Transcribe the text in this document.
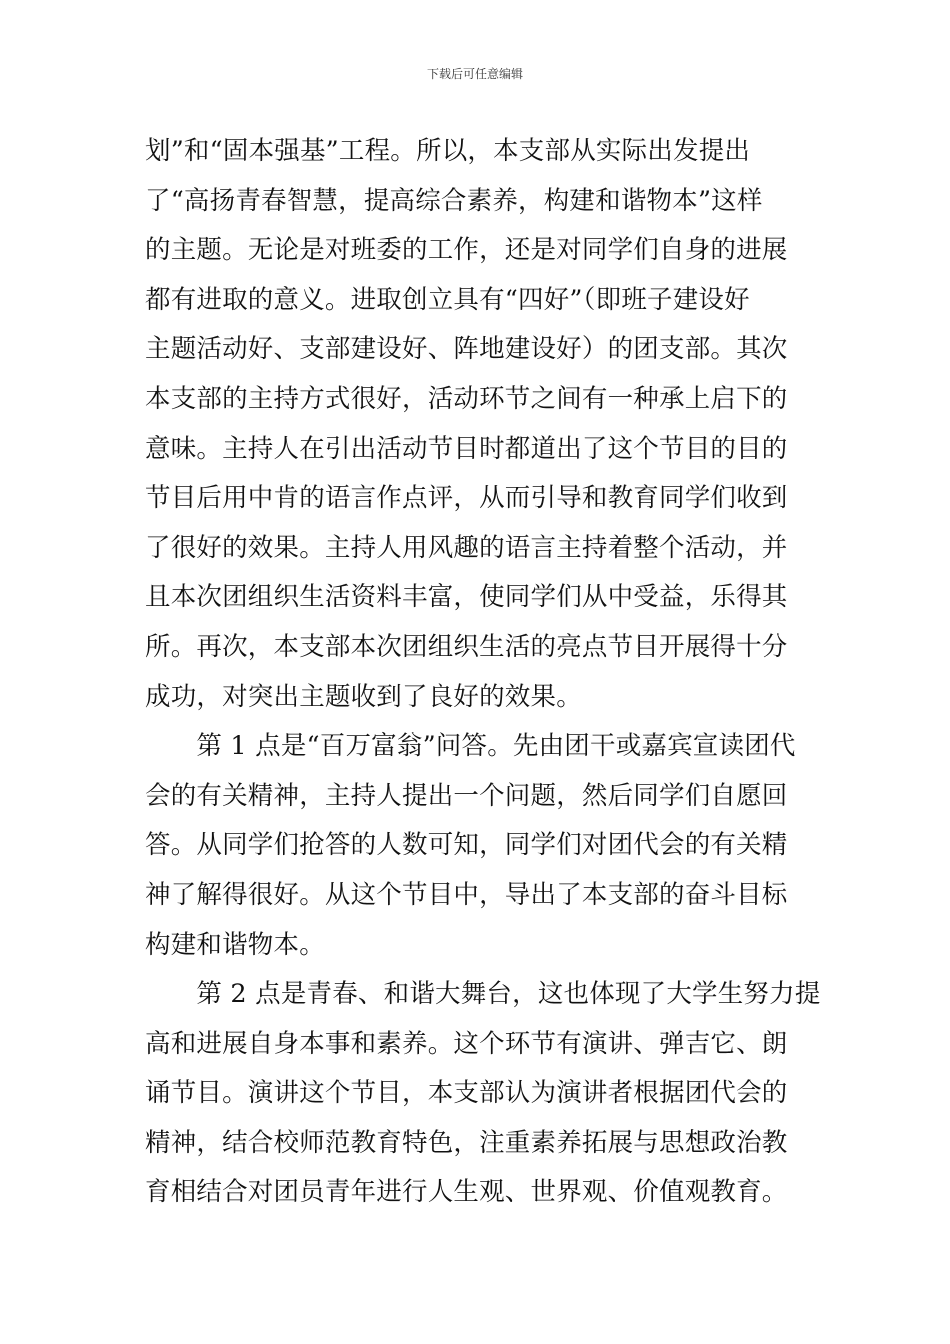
下载后可任意编辑
划”和“固本强基”工程。所以，本支部从实际出发提出
了“高扬青春智慧，提高综合素养，构建和谐物本”这样
的主题。无论是对班委的工作，还是对同学们自身的进展
都有进取的意义。进取创立具有“四好”（即班子建设好
主题活动好、支部建设好、阵地建设好）的团支部。其次
本支部的主持方式很好，活动环节之间有一种承上启下的
意味。主持人在引出活动节目时都道出了这个节目的目的
节目后用中肯的语言作点评，从而引导和教育同学们收到
了很好的效果。主持人用风趣的语言主持着整个活动，并
且本次团组织生活资料丰富，使同学们从中受益，乐得其
所。再次，本支部本次团组织生活的亮点节目开展得十分
成功，对突出主题收到了良好的效果。
　　第 1 点是“百万富翁”问答。先由团干或嘉宾宣读团代
会的有关精神，主持人提出一个问题，然后同学们自愿回
答。从同学们抢答的人数可知，同学们对团代会的有关精
神了解得很好。从这个节目中，导出了本支部的奋斗目标
构建和谐物本。
　　第 2 点是青春、和谐大舞台，这也体现了大学生努力提
高和进展自身本事和素养。这个环节有演讲、弹吉它、朗
诵节目。演讲这个节目，本支部认为演讲者根据团代会的
精神，结合校师范教育特色，注重素养拓展与思想政治教
育相结合对团员青年进行人生观、世界观、价值观教育。
